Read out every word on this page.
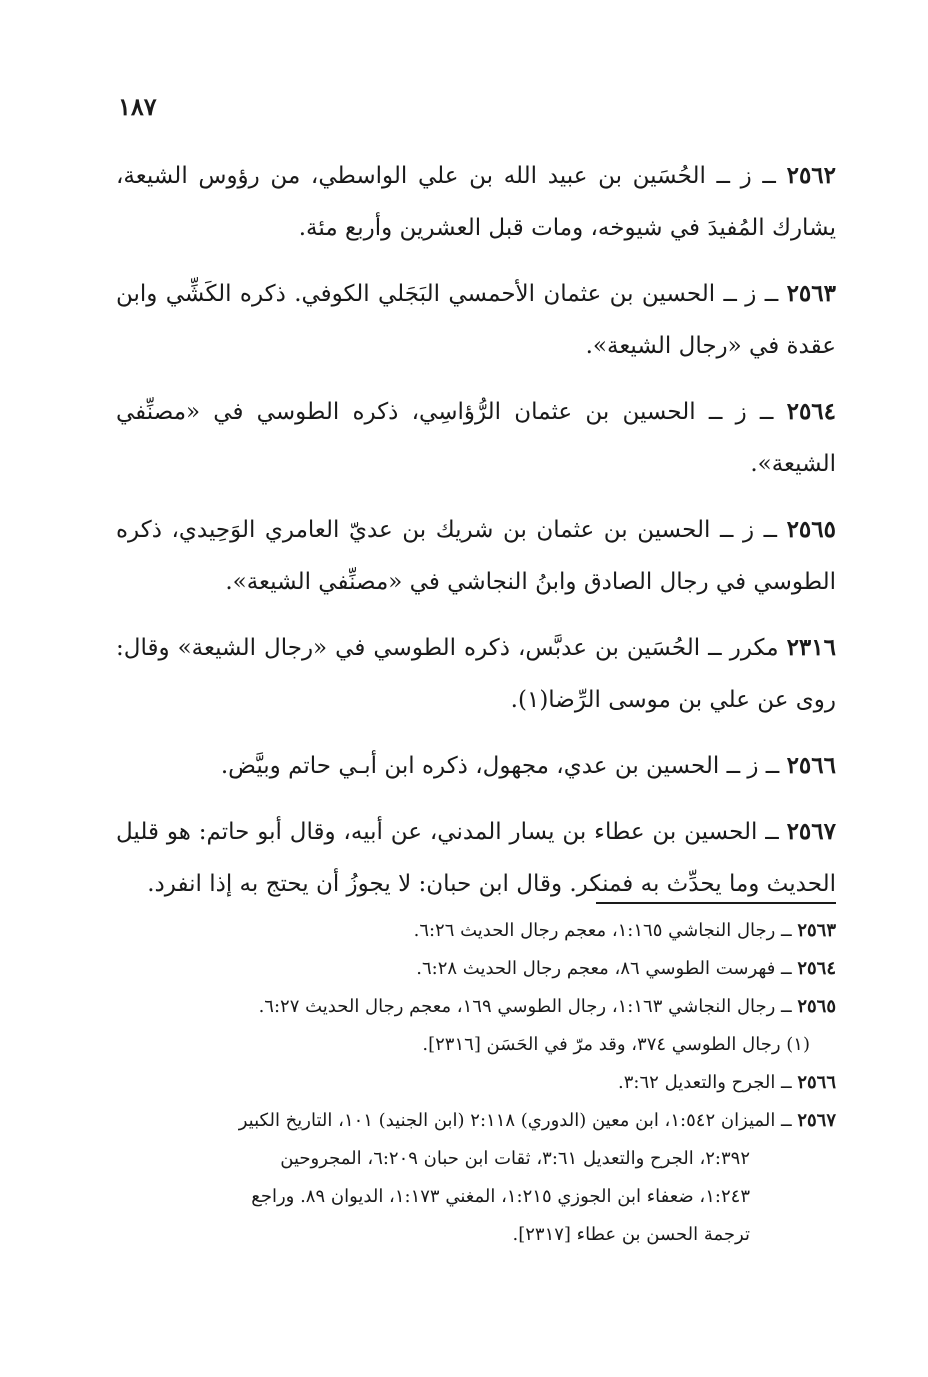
١٨٧

٢٥٦٢ ــ ز ــ الحُسَين بن عبيد الله بن علي الواسطي، من رؤوس الشيعة، يشارك المُفيدَ في شيوخه، ومات قبل العشرين وأربع مئة.

٢٥٦٣ ــ ز ــ الحسين بن عثمان الأحمسي البَجَلي الكوفي. ذكره الكَشِّي وابن عقدة في «رجال الشيعة».

٢٥٦٤ ــ ز ــ الحسين بن عثمان الرُّؤاسِي، ذكره الطوسي في «مصنِّفي الشيعة».

٢٥٦٥ ــ ز ــ الحسين بن عثمان بن شريك بن عديّ العامري الوَحِيدي، ذكره الطوسي في رجال الصادق وابنُ النجاشي في «مصنِّفي الشيعة».

٢٣١٦ مكرر ــ الحُسَين بن عدبَّس، ذكره الطوسي في «رجال الشيعة» وقال: روى عن علي بن موسى الرِّضا(١).

٢٥٦٦ ــ ز ــ الحسين بن عدي، مجهول، ذكره ابن أبـي حاتم وبيَّض.

٢٥٦٧ ــ الحسين بن عطاء بن يسار المدني، عن أبيه، وقال أبو حاتم: هو قليل الحديث وما يحدِّث به فمنكر. وقال ابن حبان: لا يجوزُ أن يحتج به إذا انفرد.

٢٥٦٣ ــ رجال النجاشي ١:١٦٥، معجم رجال الحديث ٦:٢٦.

٢٥٦٤ ــ فهرست الطوسي ٨٦، معجم رجال الحديث ٦:٢٨.

٢٥٦٥ ــ رجال النجاشي ١:١٦٣، رجال الطوسي ١٦٩، معجم رجال الحديث ٦:٢٧.

(١) رجال الطوسي ٣٧٤، وقد مرّ في الحَسَن [٢٣١٦].

٢٥٦٦ ــ الجرح والتعديل ٣:٦٢.

٢٥٦٧ ــ الميزان ١:٥٤٢، ابن معين (الدوري) ٢:١١٨ (ابن الجنيد) ١٠١، التاريخ الكبير
٢:٣٩٢، الجرح والتعديل ٣:٦١، ثقات ابن حبان ٦:٢٠٩، المجروحين
١:٢٤٣، ضعفاء ابن الجوزي ١:٢١٥، المغني ١:١٧٣، الديوان ٨٩. وراجع
ترجمة الحسن بن عطاء [٢٣١٧].
